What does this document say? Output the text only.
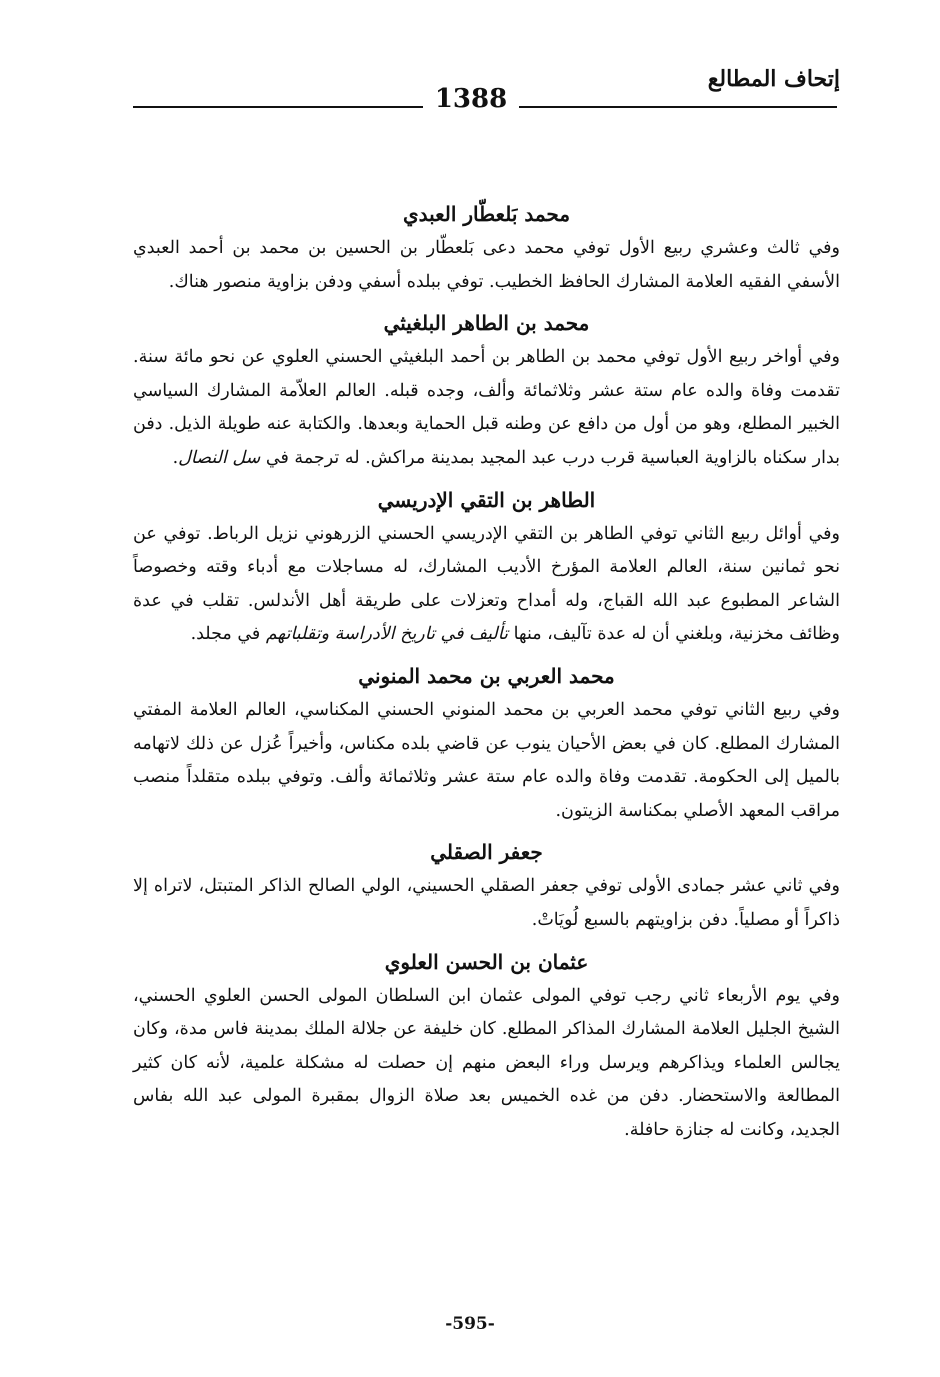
إتحاف المطالع
1388
محمد بَلعطّار العبدي

وفي ثالث وعشري ربيع الأول توفي محمد دعى بَلعطّار بن الحسين بن محمد بن أحمد العبدي الأسفي الفقيه العلامة المشارك الحافظ الخطيب. توفي ببلده أسفي ودفن بزاوية منصور هناك.

محمد بن الطاهر البلغيثي

وفي أواخر ربيع الأول توفي محمد بن الطاهر بن أحمد البلغيثي الحسني العلوي عن نحو مائة سنة. تقدمت وفاة والده عام ستة عشر وثلاثمائة وألف، وجده قبله. العالم العلاّمة المشارك السياسي الخبير المطلع، وهو من أول من دافع عن وطنه قبل الحماية وبعدها. والكتابة عنه طويلة الذيل. دفن بدار سكناه بالزاوية العباسية قرب درب عبد المجيد بمدينة مراكش. له ترجمة في سل النصال.

الطاهر بن التقي الإدريسي

وفي أوائل ربيع الثاني توفي الطاهر بن التقي الإدريسي الحسني الزرهوني نزيل الرباط. توفي عن نحو ثمانين سنة، العالم العلامة المؤرخ الأديب المشارك، له مساجلات مع أدباء وقته وخصوصاً الشاعر المطبوع عبد الله القباج، وله أمداح وتعزلات على طريقة أهل الأندلس. تقلب في عدة وظائف مخزنية، وبلغني أن له عدة تآليف، منها تأليف في تاريخ الأدراسة وتقلباتهم في مجلد.

محمد العربي بن محمد المنوني

وفي ربيع الثاني توفي محمد العربي بن محمد المنوني الحسني المكناسي، العالم العلامة المفتي المشارك المطلع. كان في بعض الأحيان ينوب عن قاضي بلده مكناس، وأخيراً عُزل عن ذلك لاتهامه بالميل إلى الحكومة. تقدمت وفاة والده عام ستة عشر وثلاثمائة وألف. وتوفي ببلده متقلداً منصب مراقب المعهد الأصلي بمكناسة الزيتون.

جعفر الصقلي

وفي ثاني عشر جمادى الأولى توفي جعفر الصقلي الحسيني، الولي الصالح الذاكر المتبتل، لاتراه إلا ذاكراً أو مصلياً. دفن بزاويتهم بالسبع لُويَاتْ.

عثمان بن الحسن العلوي

وفي يوم الأربعاء ثاني رجب توفي المولى عثمان ابن السلطان المولى الحسن العلوي الحسني، الشيخ الجليل العلامة المشارك المذاكر المطلع. كان خليفة عن جلالة الملك بمدينة فاس مدة، وكان يجالس العلماء ويذاكرهم ويرسل وراء البعض منهم إن حصلت له مشكلة علمية، لأنه كان كثير المطالعة والاستحضار. دفن من غده الخميس بعد صلاة الزوال بمقبرة المولى عبد الله بفاس الجديد، وكانت له جنازة حافلة.

-595-
